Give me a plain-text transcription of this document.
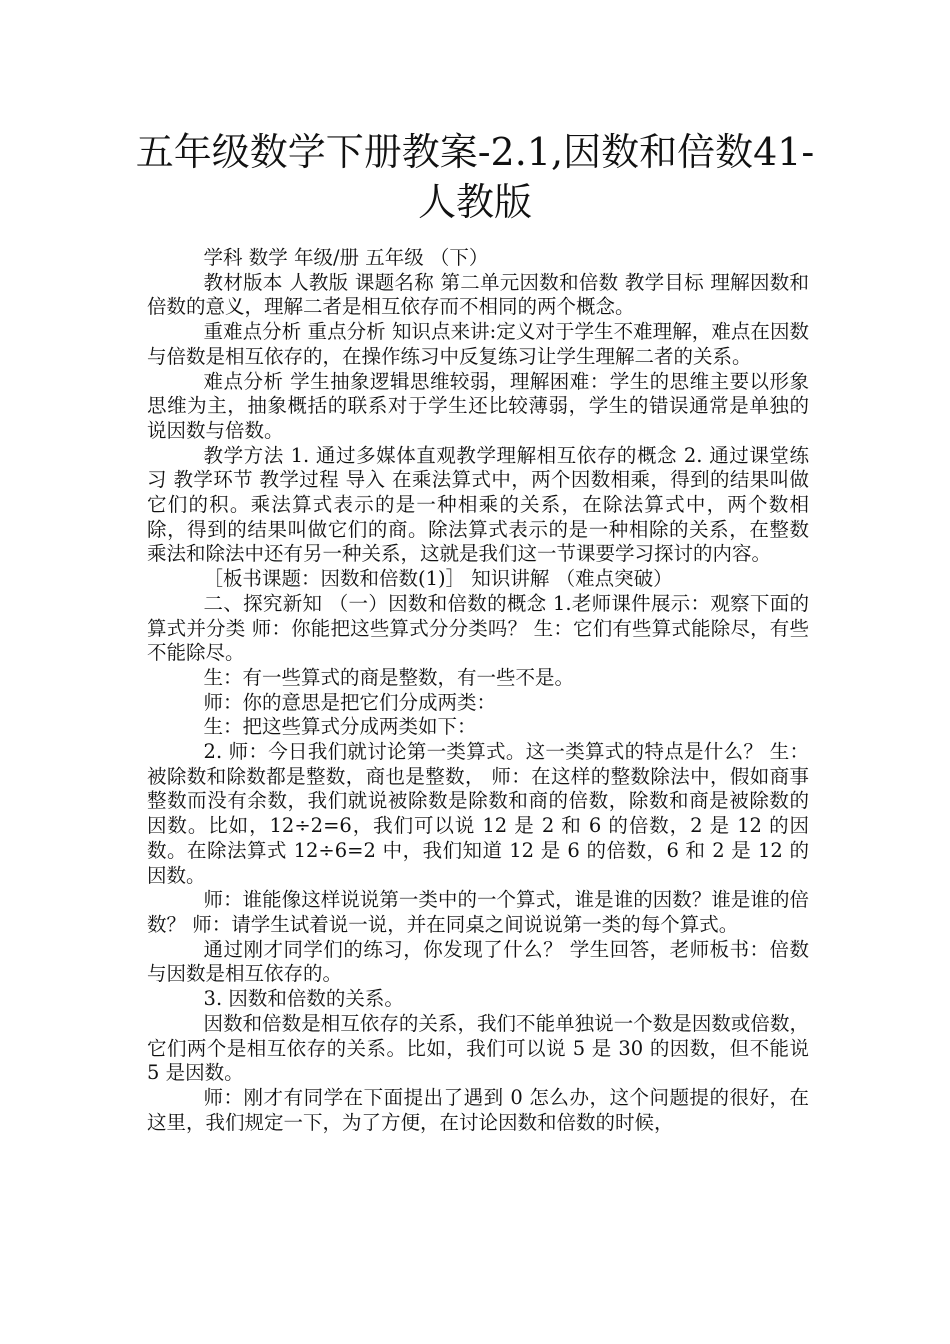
五年级数学下册教案-2.1,因数和倍数41-
人教版

学科 数学 年级/册 五年级 （下）

教材版本 人教版 课题名称 第二单元因数和倍数 教学目标 理解因数和倍数的意义，理解二者是相互依存而不相同的两个概念。

重难点分析 重点分析 知识点来讲:定义对于学生不难理解，难点在因数与倍数是相互依存的，在操作练习中反复练习让学生理解二者的关系。

难点分析 学生抽象逻辑思维较弱，理解困难：学生的思维主要以形象思维为主，抽象概括的联系对于学生还比较薄弱，学生的错误通常是单独的说因数与倍数。

教学方法 1. 通过多媒体直观教学理解相互依存的概念 2. 通过课堂练习 教学环节 教学过程 导入 在乘法算式中，两个因数相乘，得到的结果叫做它们的积。乘法算式表示的是一种相乘的关系，在除法算式中，两个数相除，得到的结果叫做它们的商。除法算式表示的是一种相除的关系，在整数乘法和除法中还有另一种关系，这就是我们这一节课要学习探讨的内容。

［板书课题：因数和倍数(1)］ 知识讲解 （难点突破）

二、探究新知 （一）因数和倍数的概念 1.老师课件展示：观察下面的算式并分类 师：你能把这些算式分分类吗？ 生：它们有些算式能除尽，有些不能除尽。

生：有一些算式的商是整数，有一些不是。

师：你的意思是把它们分成两类：

生：把这些算式分成两类如下：

2. 师：今日我们就讨论第一类算式。这一类算式的特点是什么？ 生：被除数和除数都是整数，商也是整数， 师：在这样的整数除法中，假如商事整数而没有余数，我们就说被除数是除数和商的倍数，除数和商是被除数的因数。比如，12÷2=6，我们可以说 12 是 2 和 6 的倍数，2 是 12 的因数。在除法算式 12÷6=2 中，我们知道 12 是 6 的倍数，6 和 2 是 12 的因数。

师：谁能像这样说说第一类中的一个算式，谁是谁的因数？谁是谁的倍数？ 师：请学生试着说一说，并在同桌之间说说第一类的每个算式。

通过刚才同学们的练习，你发现了什么？ 学生回答，老师板书：倍数与因数是相互依存的。

3. 因数和倍数的关系。

因数和倍数是相互依存的关系，我们不能单独说一个数是因数或倍数，它们两个是相互依存的关系。比如，我们可以说 5 是 30 的因数，但不能说 5 是因数。

师：刚才有同学在下面提出了遇到 0 怎么办，这个问题提的很好，在这里，我们规定一下，为了方便，在讨论因数和倍数的时候，
